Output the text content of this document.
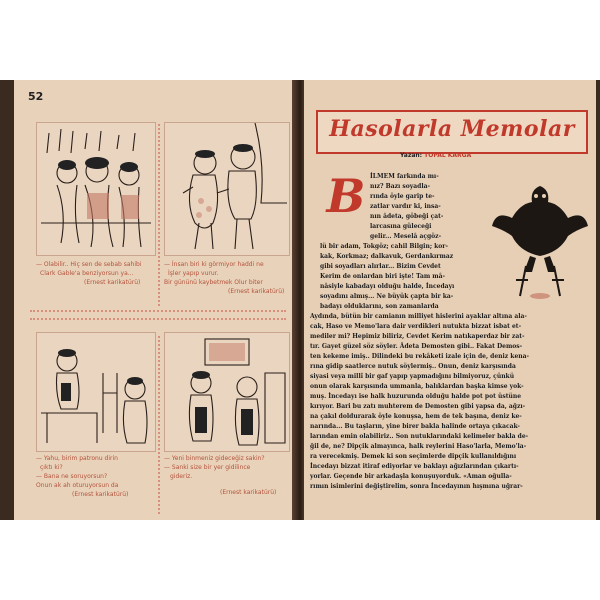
52
— Olabilir.. Hiç sen de sebab sahibi
Clark Gable'a benziyorsun ya...
(Ernest karikatürü)
— İnsan biri ki görmiyor haddi ne
İşler yapıp vurur.
Bir gününü kaybetmek Olur biter
(Ernest karikatürü)
— Yahu, birim patronu dirin
çıktı ki?
— Bana ne soruyorsun?
Onun ak ah oturuyorsun da
(Ernest karikatürü)
— Yeni binmeniz gideceğiz sakin?
— Sanki size bir yer gidilince
gideriz.
(Ernest karikatürü)
Hasolarla Memolar
Yazan: TOPAL KARGA
B İLMEM farkında mı-
nız? Bazı soyadla-
rında öyle garip te-
zatlar vardır ki, insa-
nın âdeta, göbeği çat-
larcasına güleceği
gelir... Meselâ açgöz-
lü bir adam, Tokgöz; cahil Bilgin; kor-
kak, Korkmaz; dalkavuk, Gerdankırmaz
gibi soyadları alırlar... Bizim Cevdet
Kerim de onlardan biri işte! Tam mâ-
nâsiyle kabadayı olduğu halde, İncedayı
soyadını almış... Ne büyük çapta bir ka-
badayı olduklarını, son zamanlarda
Aydında, bütün bir camianın milliyet hislerini ayaklar altına ala-
cak, Haso ve Memo'lara dair verdikleri nutukta bizzat isbat et-
mediler mi? Hepimiz biliriz, Cevdet Kerim natıkaperdaz bir zat-
tır. Gayet güzel söz söyler. Âdeta Demosten gibi.. Fakat Demos-
ten kekeme imiş.. Dilindeki bu rekâketi izale için de, deniz kena-
rına gidip saatlerce nutuk söylermiş.. Onun, deniz karşısında
siyasi veya millî bir gaf yapıp yapmadığını bilmiyoruz, çünkü
onun olarak karşısında ummanla, balıklardan başka kimse yok-
muş. İncedayı ise halk huzurunda olduğu halde pot pot üstüne
kırıyor. Bari bu zatı muhterem de Demosten gibi yapsa da, ağzı-
na çakıl doldurarak öyle konuşsa, hem de tek başına, deniz ke-
narında... Bu taşların, yine birer bakla halinde ortaya çıkacak-
larından emin olabiliriz.. Son nutuklarındaki kelimeler bakla de-
ğil de, ne? Dipçik almayınca, halk reylerini Haso'larla, Memo'la-
ra verecekmiş. Demek ki son seçimlerde dipçik kullanıldığını
İncedayı bizzat itiraf ediyorlar ve baklayı ağızlarından çıkartı-
yorlar. Geçende bir arkadaşla konuşuyorduk. «Aman oğulla-
rımın isimlerini değiştirelim, sonra İncedayının hışmına uğrar-
